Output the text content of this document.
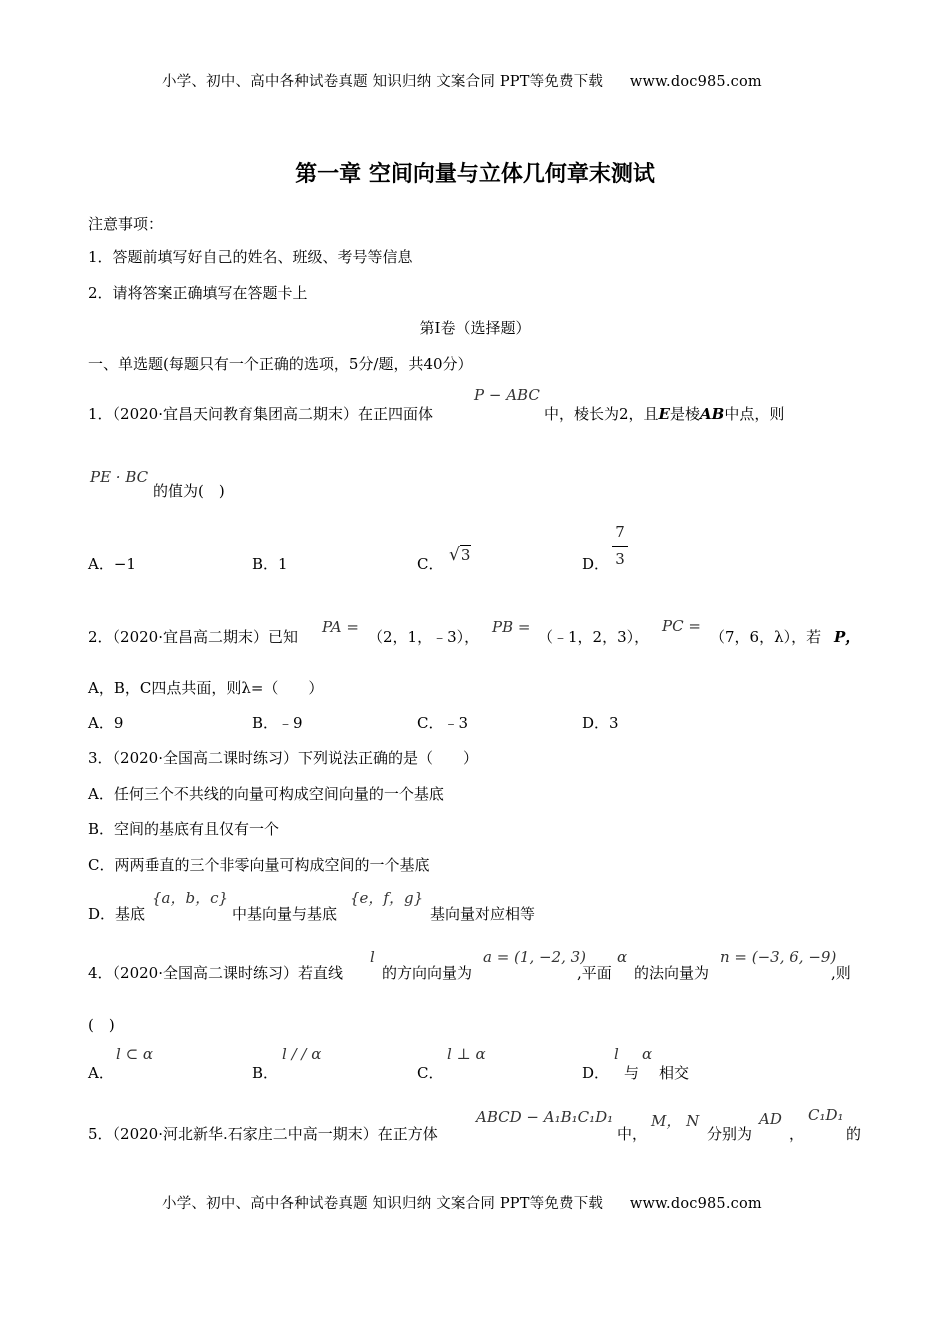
小学、初中、高中各种试卷真题 知识归纳 文案合同 PPT等免费下载 www.doc985.com
第一章 空间向量与立体几何章末测试
注意事项：
1．答题前填写好自己的姓名、班级、考号等信息
2．请将答案正确填写在答题卡上
第I卷（选择题）
一、单选题(每题只有一个正确的选项，5分/题，共40分）
1．（2020·宜昌天问教育集团高二期末）在正四面体
P − ABC
中，棱长为2，且E是棱AB中点，则
PE · BC
的值为(　)
A．−1	B．1	C． √3	D．
7
3
2．（2020·宜昌高二期末）已知
PA =
（2，1，﹣3），
PB =
（﹣1，2，3），
PC =
（7，6，λ），若 P，
A，B，C四点共面，则λ=（　　）
A．9	B．﹣9	C．﹣3	D．3
3．（2020·全国高二课时练习）下列说法正确的是（　　）
A．任何三个不共线的向量可构成空间向量的一个基底
B．空间的基底有且仅有一个
C．两两垂直的三个非零向量可构成空间的一个基底
D．基底
{a，b，c}
中基向量与基底
{e，f，g}
基向量对应相等
4．（2020·全国高二课时练习）若直线
l
的方向向量为
a = (1, −2, 3)
,平面
α
的法向量为
n = (−3, 6, −9)
,则
(　)
A．
l ⊂ α
B．
l / / α
C．
l ⊥ α
D．
l
与
α
相交
5．（2020·河北新华.石家庄二中高一期末）在正方体
ABCD − A₁B₁C₁D₁
中，
M， N
分别为
AD
，
C₁D₁
的
小学、初中、高中各种试卷真题 知识归纳 文案合同 PPT等免费下载 www.doc985.com
